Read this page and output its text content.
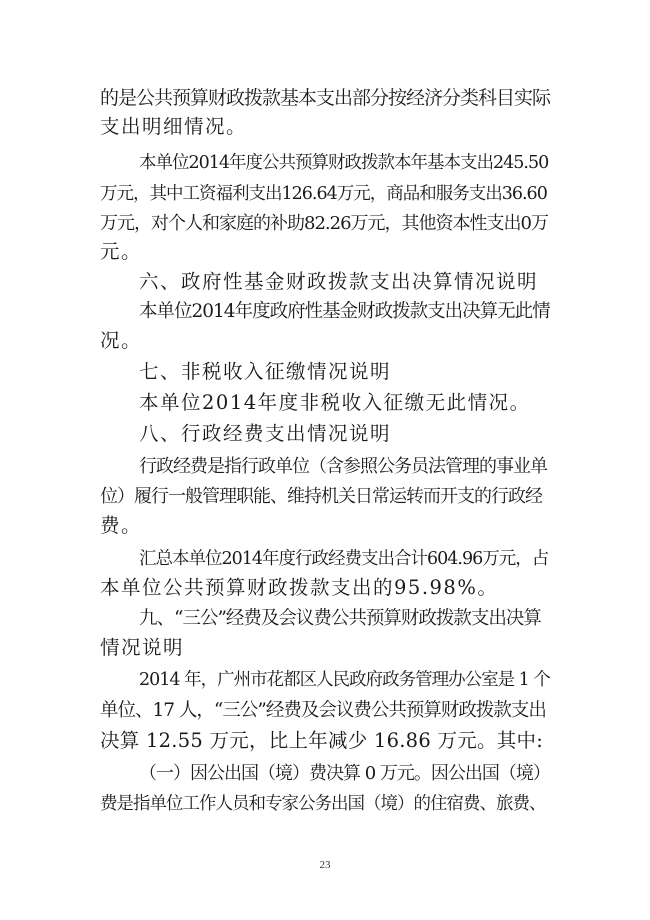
的是公共预算财政拨款基本支出部分按经济分类科目实际
支出明细情况。
本单位2014年度公共预算财政拨款本年基本支出245.50
万元，其中工资福利支出126.64万元，商品和服务支出36.60
万元，对个人和家庭的补助82.26万元，其他资本性支出0万
元。
六、政府性基金财政拨款支出决算情况说明
本单位2014年度政府性基金财政拨款支出决算无此情
况。
七、非税收入征缴情况说明
本单位2014年度非税收入征缴无此情况。
八、行政经费支出情况说明
行政经费是指行政单位（含参照公务员法管理的事业单
位）履行一般管理职能、维持机关日常运转而开支的行政经
费。
汇总本单位2014年度行政经费支出合计604.96万元，占
本单位公共预算财政拨款支出的95.98%。
九、“三公”经费及会议费公共预算财政拨款支出决算
情况说明
2014 年，广州市花都区人民政府政务管理办公室是 1 个
单位、17 人，“三公”经费及会议费公共预算财政拨款支出
决算 12.55 万元，比上年减少 16.86 万元。其中:
（一）因公出国（境）费决算 0 万元。因公出国（境）
费是指单位工作人员和专家公务出国（境）的住宿费、旅费、
23
